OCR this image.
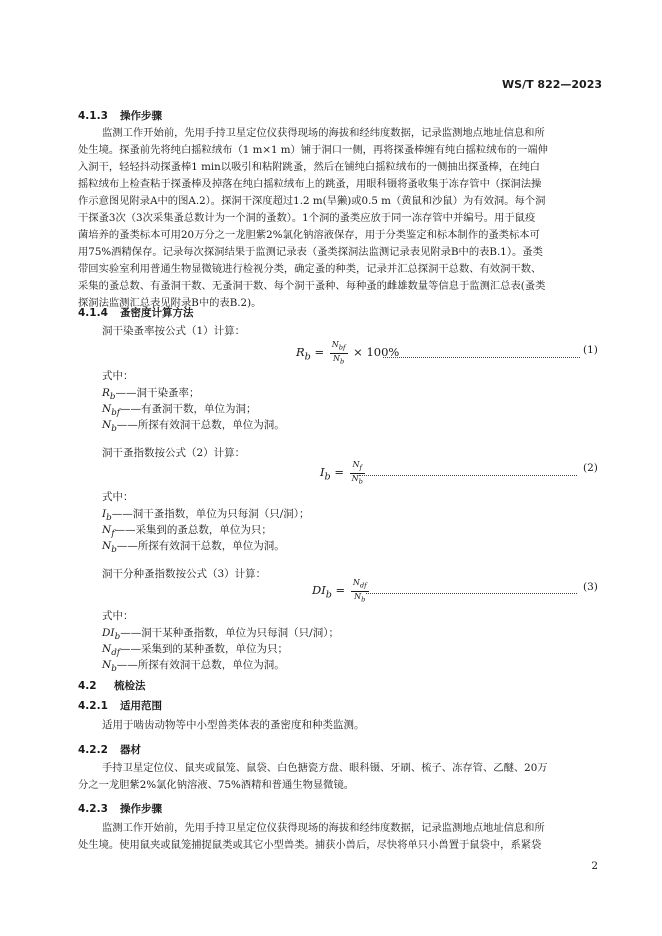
WS/T 822—2023
4.1.3 操作步骤
监测工作开始前，先用手持卫星定位仪获得现场的海拔和经纬度数据，记录监测地点地址信息和所
处生境。探蚤前先将纯白摇粒绒布（1 m×1 m）铺于洞口一侧，再将探蚤棒缠有纯白摇粒绒布的一端伸
入洞干，轻轻抖动探蚤棒1 min以吸引和粘附跳蚤，然后在铺纯白摇粒绒布的一侧抽出探蚤棒，在纯白
摇粒绒布上检查粘于探蚤棒及掉落在纯白摇粒绒布上的跳蚤，用眼科镊将蚤收集于冻存管中（探洞法操
作示意图见附录A中的图A.2）。探洞干深度超过1.2 m(旱獭)或0.5 m（黄鼠和沙鼠）为有效洞。每个洞
干探蚤3次（3次采集蚤总数计为一个洞的蚤数）。1个洞的蚤类应放于同一冻存管中并编号。用于鼠疫
菌培养的蚤类标本可用20万分之一龙胆紫2%氯化钠溶液保存，用于分类鉴定和标本制作的蚤类标本可
用75%酒精保存。记录每次探洞结果于监测记录表（蚤类探洞法监测记录表见附录B中的表B.1）。蚤类
带回实验室利用普通生物显微镜进行检视分类，确定蚤的种类，记录并汇总探洞干总数、有效洞干数、
采集的蚤总数、有蚤洞干数、无蚤洞干数、每个洞干蚤种、每种蚤的雌雄数量等信息于监测汇总表(蚤类
探洞法监测汇总表见附录B中的表B.2)。
4.1.4 蚤密度计算方法
洞干染蚤率按公式（1）计算：
$R_b = \frac{N_{bf}}{N_b} \times 100\%$	(1)
式中：
$R_b——$洞干染蚤率；
$N_{bf}——$有蚤洞干数，单位为洞；
$N_b——$所探有效洞干总数，单位为洞。
洞干蚤指数按公式（2）计算：
$I_b = \frac{N_f}{N_b}$	(2)
式中：
$I_b——$洞干蚤指数，单位为只每洞（只/洞）；
$N_f——$采集到的蚤总数，单位为只；
$N_b——$所探有效洞干总数，单位为洞。
洞干分种蚤指数按公式（3）计算：
$DI_b = \frac{N_{df}}{N_b}$	(3)
式中：
$DI_b——$洞干某种蚤指数，单位为只每洞（只/洞）；
$N_{df}——$采集到的某种蚤数，单位为只；
$N_b——$所探有效洞干总数，单位为洞。
4.2 梳检法
4.2.1 适用范围
适用于啮齿动物等中小型兽类体表的蚤密度和种类监测。
4.2.2 器材
手持卫星定位仪、鼠夹或鼠笼、鼠袋、白色搪瓷方盘、眼科镊、牙刷、梳子、冻存管、乙醚、20万
分之一龙胆紫2%氯化钠溶液、75%酒精和普通生物显微镜。
4.2.3 操作步骤
监测工作开始前，先用手持卫星定位仪获得现场的海拔和经纬度数据，记录监测地点地址信息和所
处生境。使用鼠夹或鼠笼捕捉鼠类或其它小型兽类。捕获小兽后，尽快将单只小兽置于鼠袋中，系紧袋
2
